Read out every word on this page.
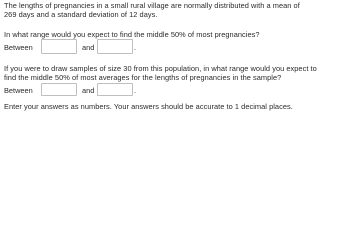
The lengths of pregnancies in a small rural village are normally distributed with a mean of 269 days and a standard deviation of 12 days.

In what range would you expect to find the middle 50% of most pregnancies?

Between	and	.

If you were to draw samples of size 30 from this population, in what range would you expect to find the middle 50% of most averages for the lengths of pregnancies in the sample?

Between	and	.

Enter your answers as numbers. Your answers should be accurate to 1 decimal places.
